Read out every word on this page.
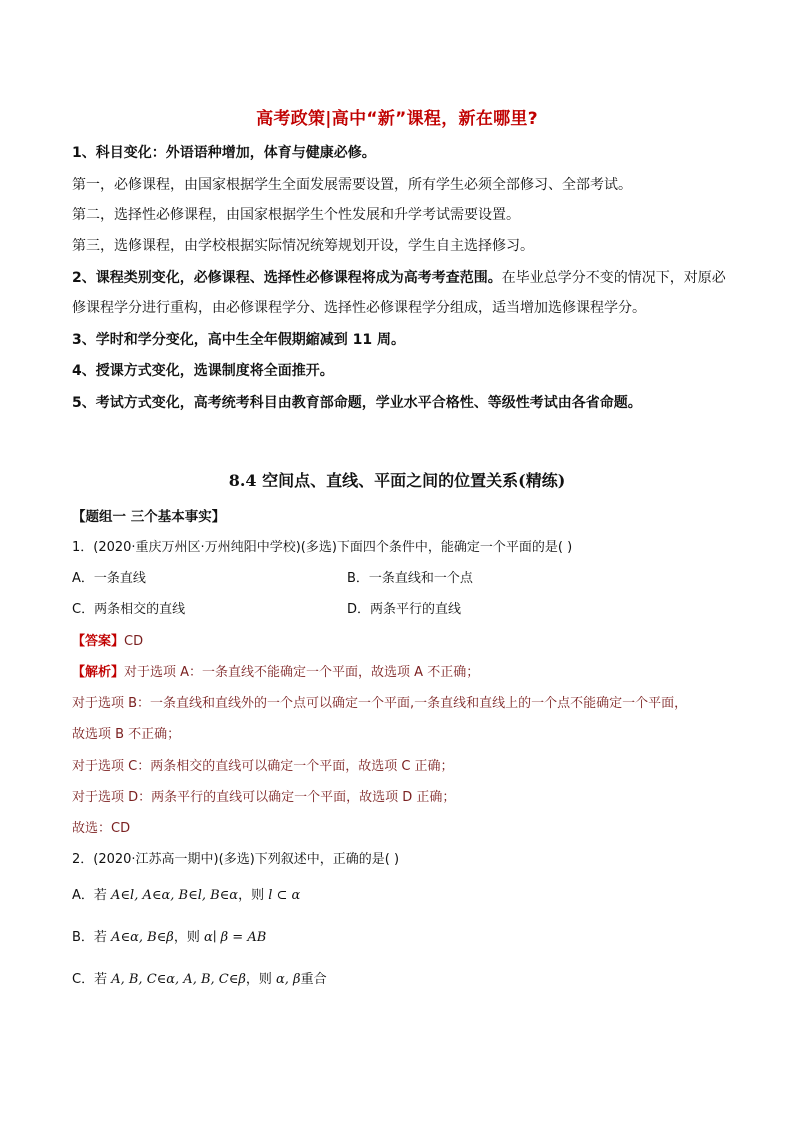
高考政策|高中“新”课程，新在哪里?
1、科目变化：外语语种增加，体育与健康必修。
第一，必修课程，由国家根据学生全面发展需要设置，所有学生必须全部修习、全部考试。
第二，选择性必修课程，由国家根据学生个性发展和升学考试需要设置。
第三，选修课程，由学校根据实际情况统筹规划开设，学生自主选择修习。
2、课程类别变化，必修课程、选择性必修课程将成为高考考查范围。在毕业总学分不变的情况下，对原必
修课程学分进行重构，由必修课程学分、选择性必修课程学分组成，适当增加选修课程学分。
3、学时和学分变化，高中生全年假期縮减到 11 周。
4、授课方式变化，选课制度将全面推开。
5、考试方式变化，高考统考科目由教育部命题，学业水平合格性、等级性考试由各省命题。
8.4 空间点、直线、平面之间的位置关系(精练)
【题组一 三个基本事实】
1．(2020·重庆万州区·万州纯阳中学校)(多选)下面四个条件中，能确定一个平面的是( )
A．一条直线	B．一条直线和一个点
C．两条相交的直线	D．两条平行的直线
【答案】CD
【解析】对于选项 A：一条直线不能确定一个平面，故选项 A 不正确；
对于选项 B：一条直线和直线外的一个点可以确定一个平面,一条直线和直线上的一个点不能确定一个平面，
故选项 B 不正确；
对于选项 C：两条相交的直线可以确定一个平面，故选项 C 正确；
对于选项 D：两条平行的直线可以确定一个平面，故选项 D 正确；
故选：CD
2．(2020·江苏高一期中)(多选)下列叙述中，正确的是( )
A．若 A∈l, A∈α, B∈l, B∈α，则 l ⊂ α
B．若 A∈α, B∈β，则 α∣ β = AB
C．若 A, B, C∈α, A, B, C∈β，则 α, β重合
